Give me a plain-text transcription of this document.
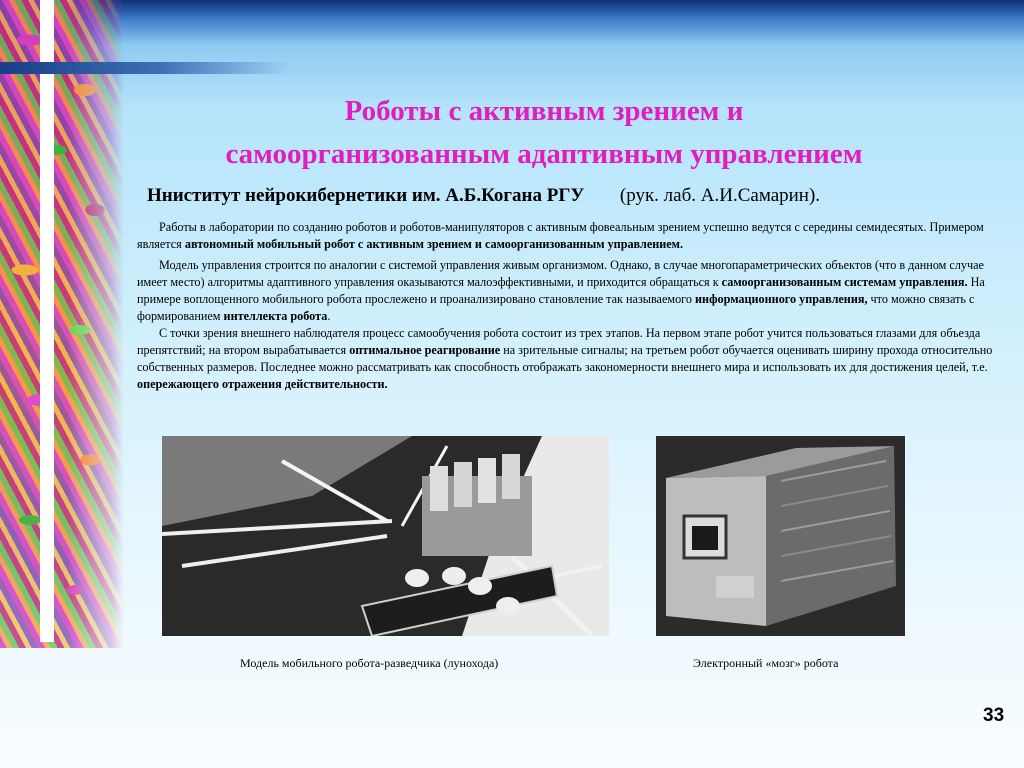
Роботы с активным зрением и
самоорганизованным адаптивным управлением
Нниститут нейрокибернетики им. А.Б.Когана РГУ (рук. лаб. А.И.Самарин).

Работы в лаборатории по созданию роботов и роботов-манипуляторов с активным фовеальным зрением успешно ведутся с середины семидесятых. Примером является автономный мобильный робот с активным зрением и самоорганизованным управлением.

Модель управления строится по аналогии с системой управления живым организмом. Однако, в случае многопараметрических объектов (что в данном случае имеет место) алгоритмы адаптивного управления оказываются малоэффективными, и приходится обращаться к самоорганизованным системам управления. На примере воплощенного мобильного робота прослежено и проанализировано становление так называемого информационного управления, что можно связать с формированием интеллекта робота.

С точки зрения внешнего наблюдателя процесс самообучения робота состоит из трех этапов. На первом этапе робот учится пользоваться глазами для объезда препятствий; на втором вырабатывается оптимальное реагирование на зрительные сигналы; на третьем робот обучается оценивать ширину прохода относительно собственных размеров. Последнее можно рассматривать как способность отображать закономерности внешнего мира и использовать их для достижения целей, т.е. опережающего отражения действительности.

Модель мобильного робота-разведчика (лунохода)	Электронный «мозг» робота
33
